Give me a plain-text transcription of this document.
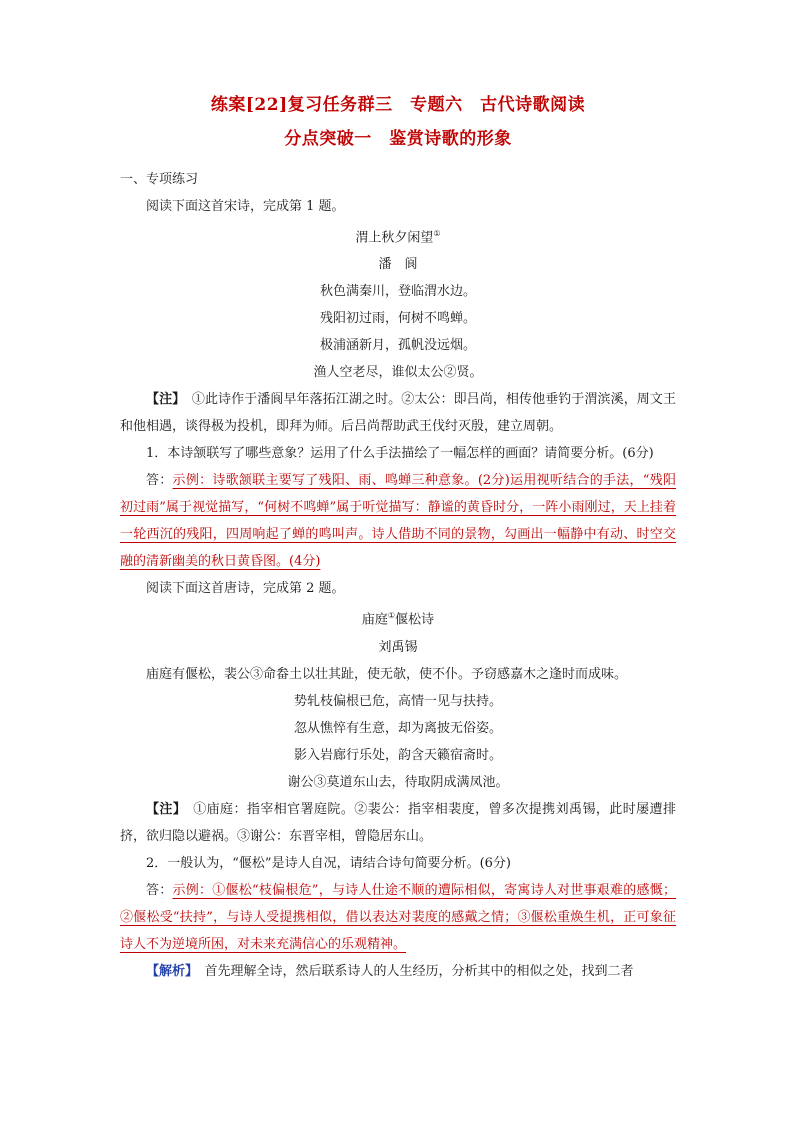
练案[22]复习任务群三　专题六　古代诗歌阅读

分点突破一　鉴赏诗歌的形象

一、专项练习

阅读下面这首宋诗，完成第 1 题。

渭上秋夕闲望①

潘　阆

秋色满秦川，登临渭水边。

残阳初过雨，何树不鸣蝉。

极浦涵新月，孤帆没远烟。

渔人空老尽，谁似太公②贤。

【注】　①此诗作于潘阆早年落拓江湖之时。②太公：即吕尚，相传他垂钓于渭滨溪，周文王和他相遇，谈得极为投机，即拜为师。后吕尚帮助武王伐纣灭殷，建立周朝。

1．本诗颔联写了哪些意象？运用了什么手法描绘了一幅怎样的画面？请简要分析。(6分)

答：示例：诗歌颔联主要写了残阳、雨、鸣蝉三种意象。(2分)运用视听结合的手法，“残阳初过雨”属于视觉描写，“何树不鸣蝉”属于听觉描写：静谧的黄昏时分，一阵小雨刚过，天上挂着一轮西沉的残阳，四周响起了蝉的鸣叫声。诗人借助不同的景物，勾画出一幅静中有动、时空交融的清新幽美的秋日黄昏图。(4分)

阅读下面这首唐诗，完成第 2 题。

庙庭①偃松诗

刘禹锡

庙庭有偃松，裴公③命畚土以壮其趾，使无欹，使不仆。予窃感嘉木之逢时而成味。

势轧枝偏根已危，高情一见与扶持。

忽从憔悴有生意，却为离披无俗姿。

影入岩廊行乐处，韵含天籁宿斋时。

谢公③莫道东山去，待取阴成满凤池。

【注】　①庙庭：指宰相官署庭院。②裴公：指宰相裴度，曾多次提携刘禹锡，此时屡遭排挤，欲归隐以避祸。③谢公：东晋宰相，曾隐居东山。

2．一般认为，“偃松”是诗人自况，请结合诗句简要分析。(6分)

答：示例：①偃松“枝偏根危”，与诗人仕途不顺的遭际相似，寄寓诗人对世事艰难的感慨；②偃松受“扶持”，与诗人受提携相似，借以表达对裴度的感戴之情；③偃松重焕生机，正可象征诗人不为逆境所困，对未来充满信心的乐观精神。

【解析】　首先理解全诗，然后联系诗人的人生经历，分析其中的相似之处，找到二者
